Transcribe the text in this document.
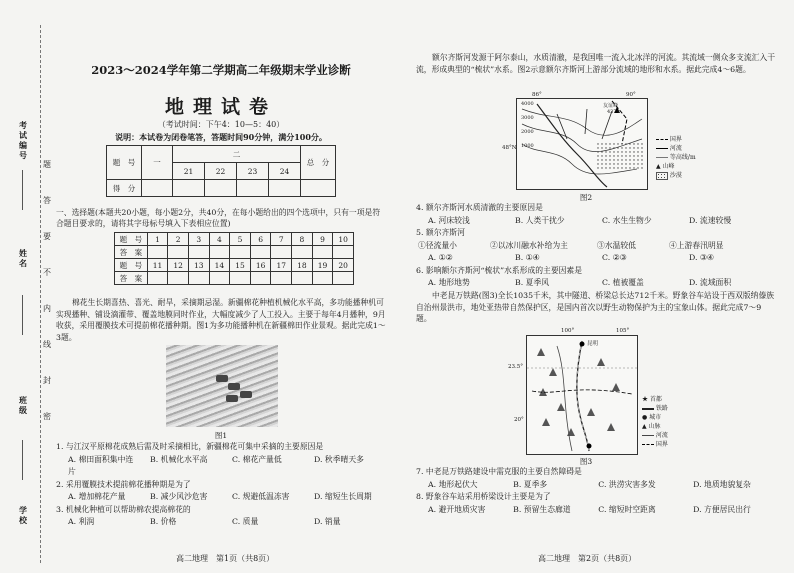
考试编号
姓名
班级
学校
题
答
要
不
内
线
封
密
2023～2024学年第二学期高二年级期末学业诊断
地理试卷
（考试时间：下午4：10—5：40）
说明：本试卷为闭卷笔答，答题时间90分钟，满分100分。
题　号	一	二				总　分
		21	22	23	24	
得　分						
一、选择题(本题共20小题，每小题2分，共40分，在每小题给出的四个选项中，只有一项是符合题目要求的，请将其字母标号填入下表相应位置)
题　号	1	2	3	4	5	6	7	8	9	10
答　案										
题　号	11	12	13	14	15	16	17	18	19	20
答　案										
棉花生长期喜热、喜光、耐旱，采摘期忌湿。新疆棉花种植机械化水平高，多功能播种机可实现播种、铺设滴灌带、覆盖地膜同时作业，大幅度减少了人工投入。主要于每年4月播种，9月收获，采用覆膜技术可提前棉花播种期。图1为多功能播种机在新疆棉田作业景观。据此完成1～3题。
图1
1. 与江汉平原棉花成熟后需及时采摘相比，新疆棉花可集中采摘的主要原因是
A. 棉田面积集中连片
B. 机械化水平高	C. 棉花产量低	D. 秋季晴天多
2. 采用覆膜技术提前棉花播种期是为了
A. 增加棉花产量	B. 减少风沙危害	C. 规避低温冻害	D. 缩短生长周期
3. 机械化种植可以帮助棉农提高棉花的
A. 利润	B. 价格	C. 质量	D. 销量
高二地理　第1页（共8页）
额尔齐斯河发源于阿尔泰山，水质清澈，是我国唯一流入北冰洋的河流。其流域一侧众多支流汇入干流，形成典型的“梳状”水系。图2示意额尔齐斯河上游部分流域的地形和水系。据此完成4～6题。
友谊峰
4374
4000
3000
2000
1000
86°	90°
48°N
国界
河流
等高线/m
▲ 山峰
沙漠
图2
4. 额尔齐斯河水质清澈的主要原因是
A. 河床较浅	B. 人类干扰少	C. 水生生物少	D. 流速较慢
5. 额尔齐斯河
①径流量小	②以冰川融水补给为主	③水温较低	④上游春汛明显
A. ①②	B. ①④	C. ②③	D. ③④
6. 影响额尔齐斯河“梳状”水系形成的主要因素是
A. 地形地势	B. 夏季风	C. 植被覆盖	D. 流域面积
中老昆万铁路(图3)全长1035千米，其中隧道、桥梁总长达712千米。野象谷车站设于西双版纳傣族自治州景洪市，地处亚热带自然保护区，是国内首次以野生动物保护为主的宝象山体。据此完成7～9题。
昆明
100°	105°
23.5°
20°
★ 首都
铁路
● 城市
▲ 山脉
河流
国界
图3
7. 中老昆万铁路建设中需克服的主要自然障碍是
A. 地形起伏大	B. 夏季多	C. 洪涝灾害多发	D. 地质地貌复杂
8. 野象谷车站采用桥梁设计主要是为了
A. 避开地质灾害	B. 预留生态廊道	C. 缩短时空距离	D. 方便居民出行
高二地理　第2页（共8页）
